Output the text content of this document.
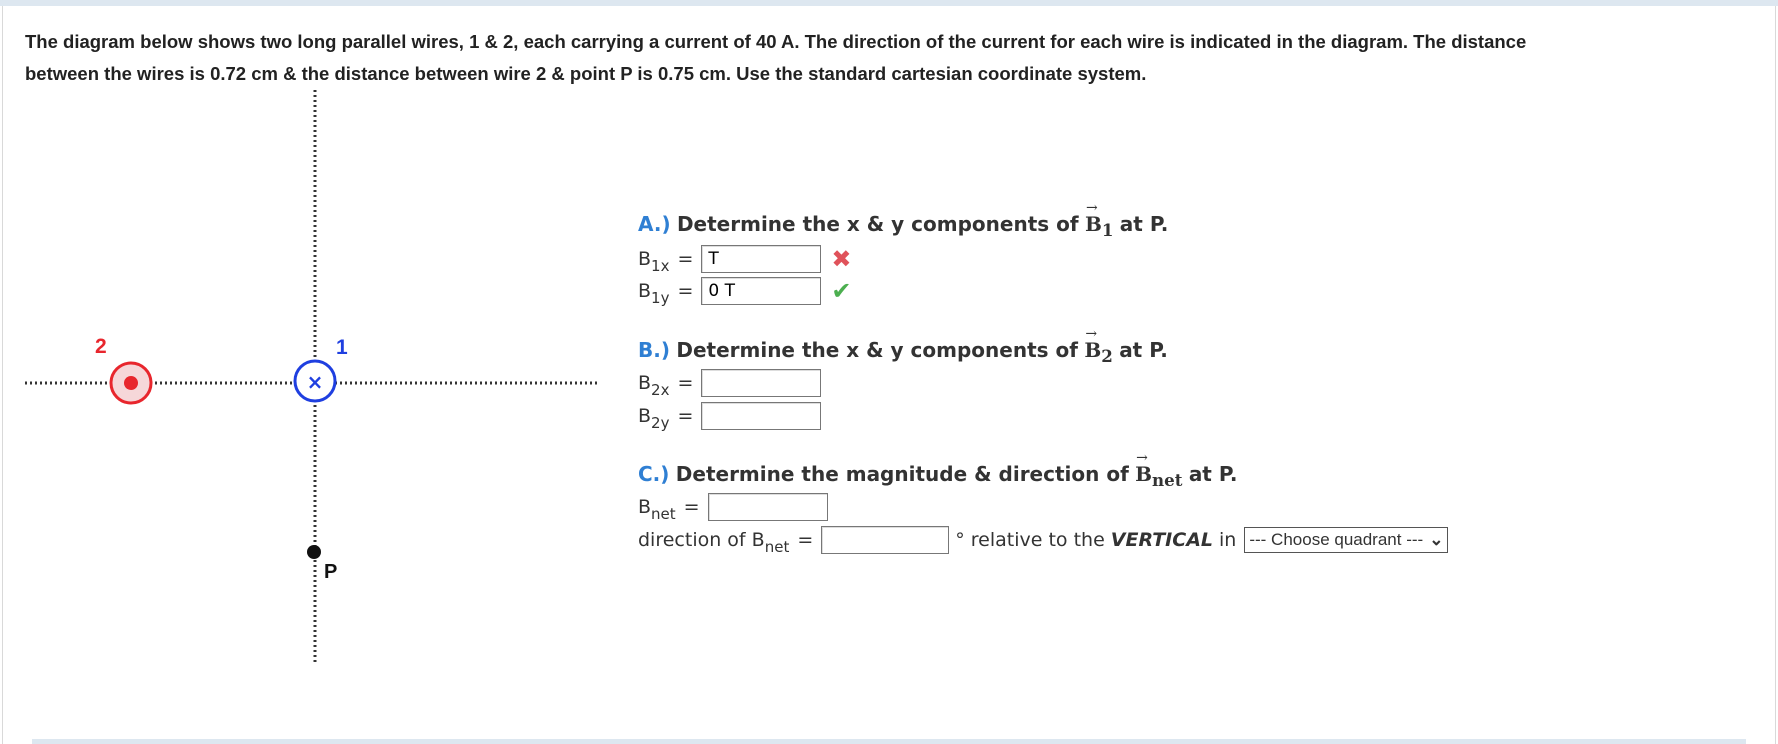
The diagram below shows two long parallel wires, 1 & 2, each carrying a current of 40 A. The direction of the current for each wire is indicated in the diagram. The distance
between the wires is 0.72 cm & the distance between wire 2 & point P is 0.75 cm. Use the standard cartesian coordinate system.
2
×
1
P
A.) Determine the x & y components of
→
$B_1$ at P.
$B_{1x}$ =
T	✖
$B_{1y}$ =
0 T	✔
B.) Determine the x & y components of
→
$B_2$ at P.
$B_{2x}$ =
$B_{2y}$ =
C.) Determine the magnitude & direction of
→
$B_{net}$ at P.
$B_{net}$ =
direction of $B_{net}$ =	° relative to the VERTICAL in --- Choose quadrant --- ⌄
